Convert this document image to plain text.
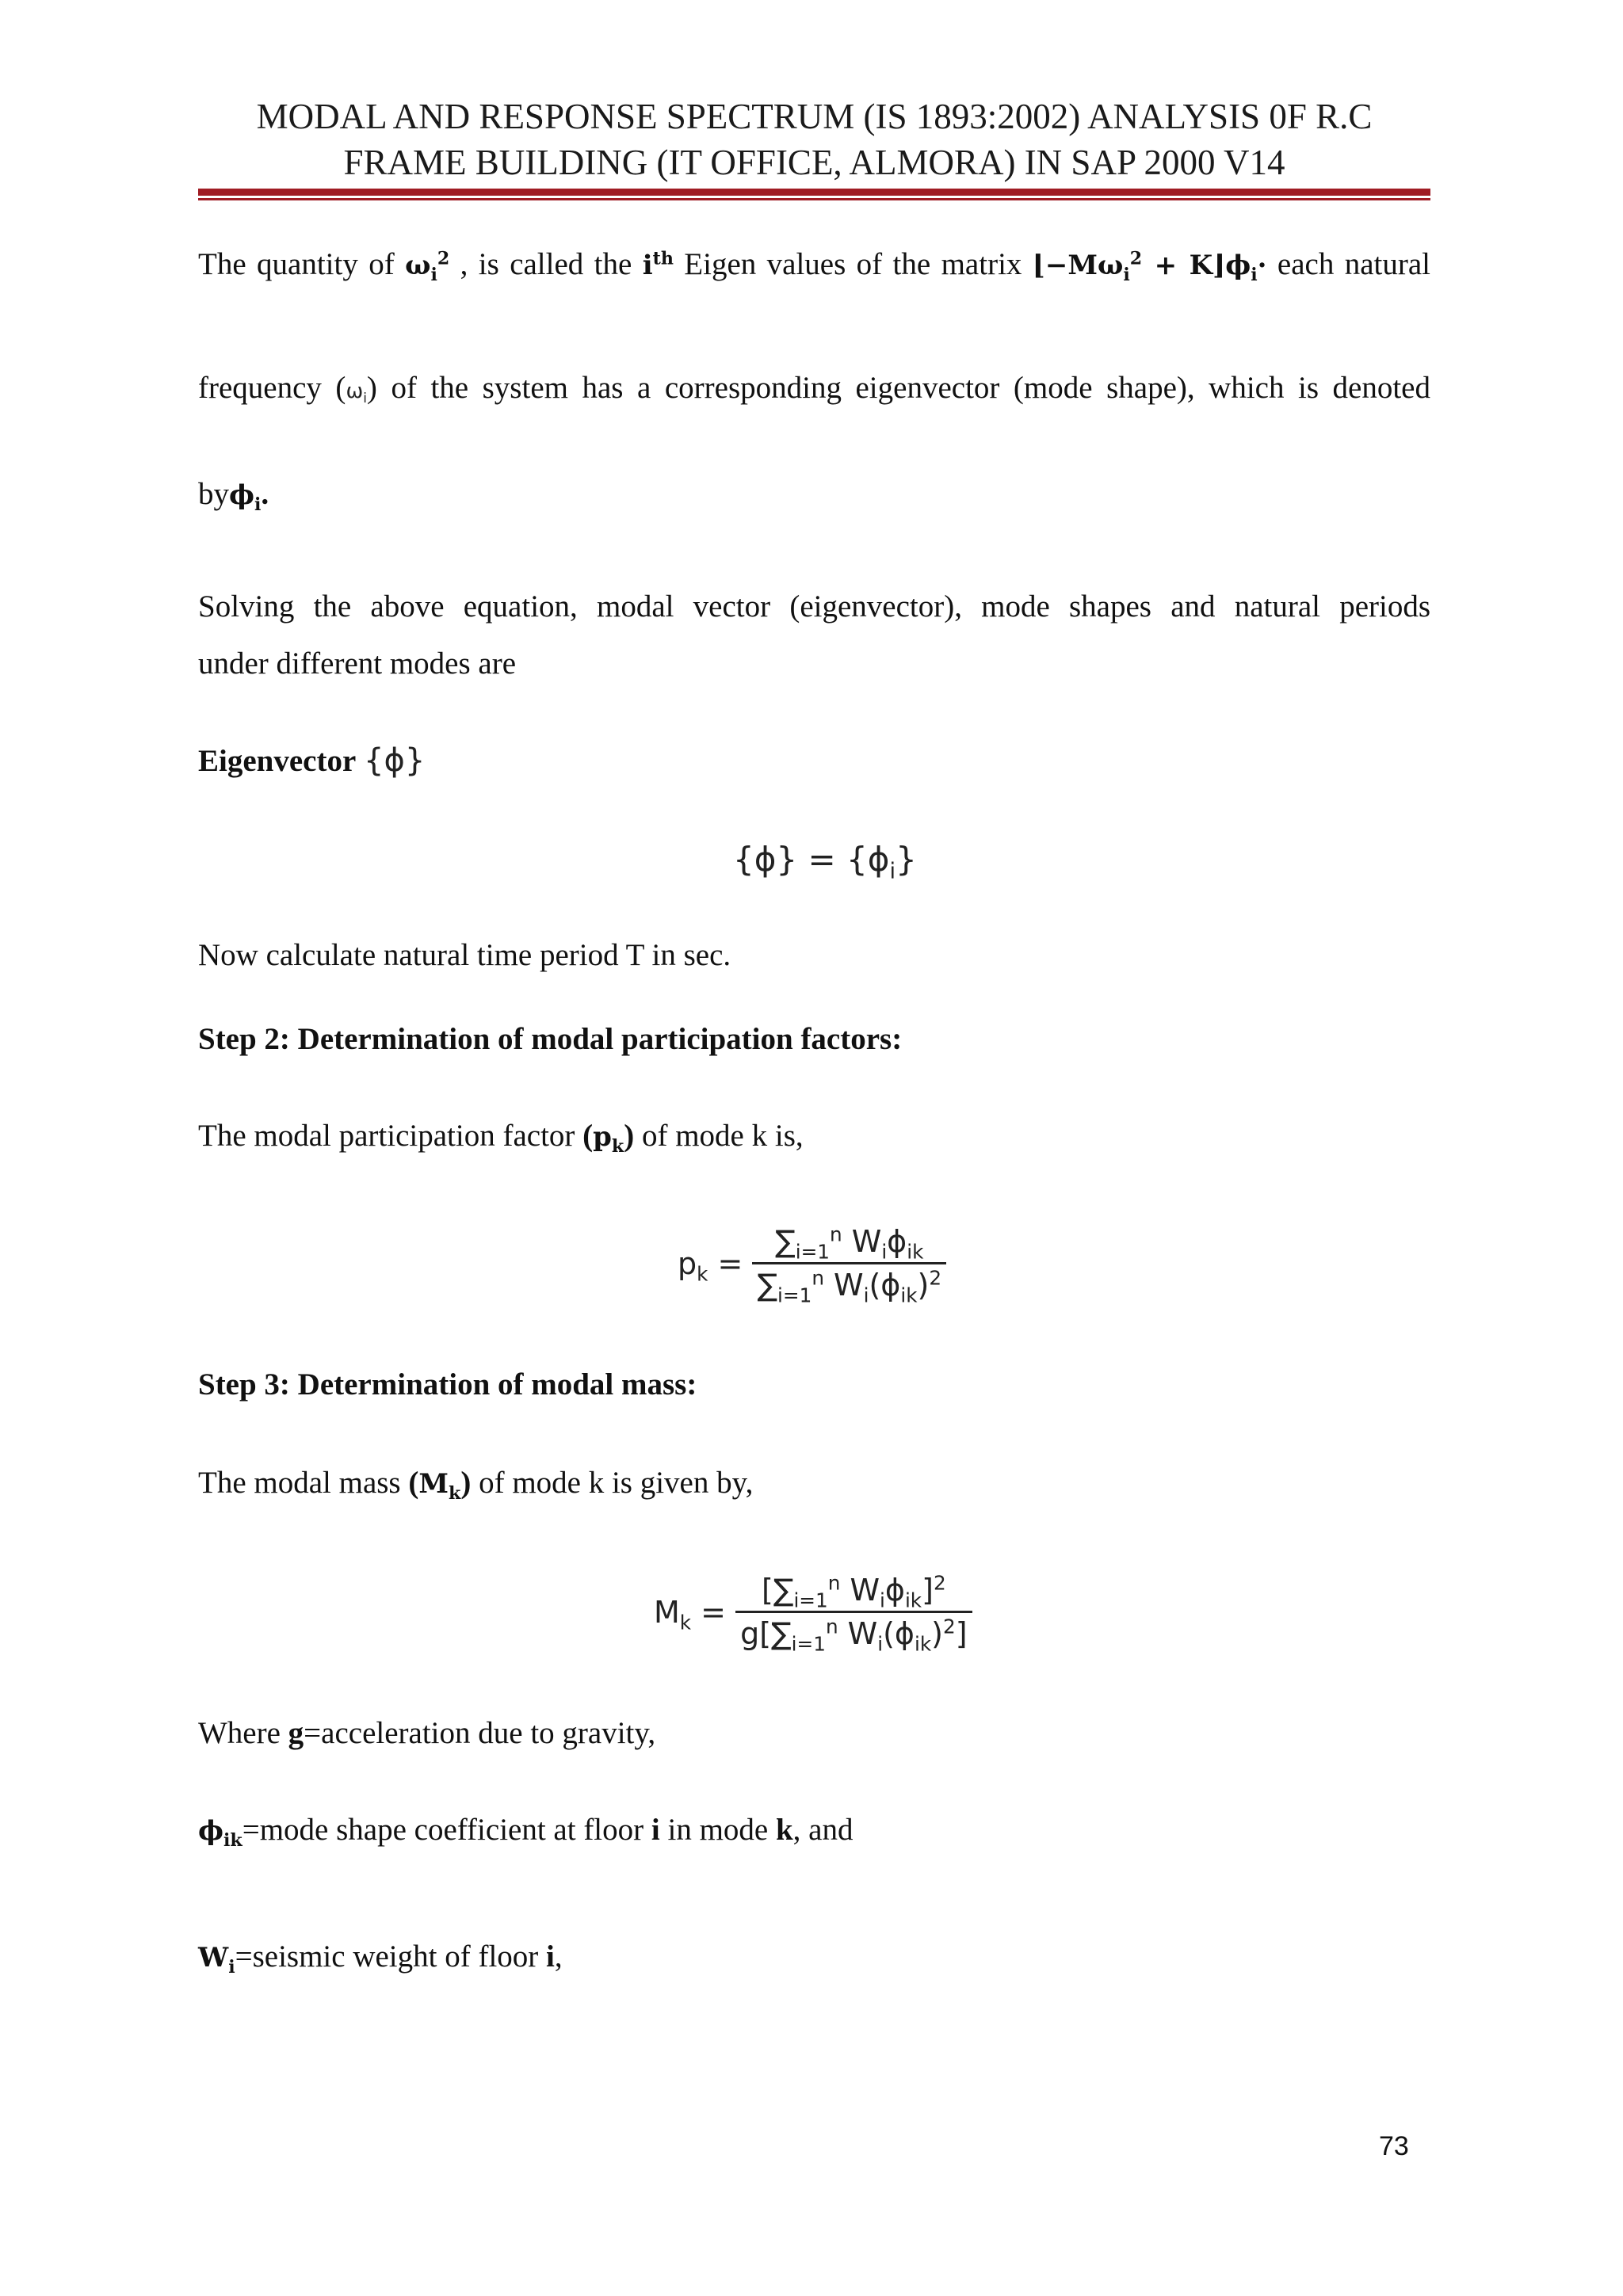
MODAL AND RESPONSE SPECTRUM (IS 1893:2002) ANALYSIS 0F R.C
FRAME BUILDING (IT OFFICE, ALMORA) IN SAP 2000 V14
The quantity of $\omega_i^2$ , is called the $i^{th}$ Eigen values of the matrix $⌊-M\omega_i^2$ + $K⌋\phi_i\cdot$ each natural
frequency $(\omega_i)$ of the system has a corresponding eigenvector (mode shape), which is denoted
byϕ$_i$.
Solving the above equation, modal vector (eigenvector), mode shapes and natural periods
under different modes are
Eigenvector {ϕ}
$\{\phi\} = \{\phi_i\}$
Now calculate natural time period T in sec.
Step 2: Determination of modal participation factors:
The modal participation factor $(p_k)$ of mode k is,
$p_k = \frac{\sum_{i=1}^n W_i\phi_{ik}}{\sum_{i=1}^n W_i(\phi_{ik})^2}$
Step 3: Determination of modal mass:
The modal mass $(M_k)$ of mode k is given by,
$M_k = \frac{[\sum_{i=1}^n W_i\phi_{ik}]^2}{g[\sum_{i=1}^n W_i(\phi_{ik})^2]}$
Where g=acceleration due to gravity,
$\phi_{ik}=mode$ shape coefficient at floor i in mode k, and
$W_i=seismic$ weight of floor i,
73
